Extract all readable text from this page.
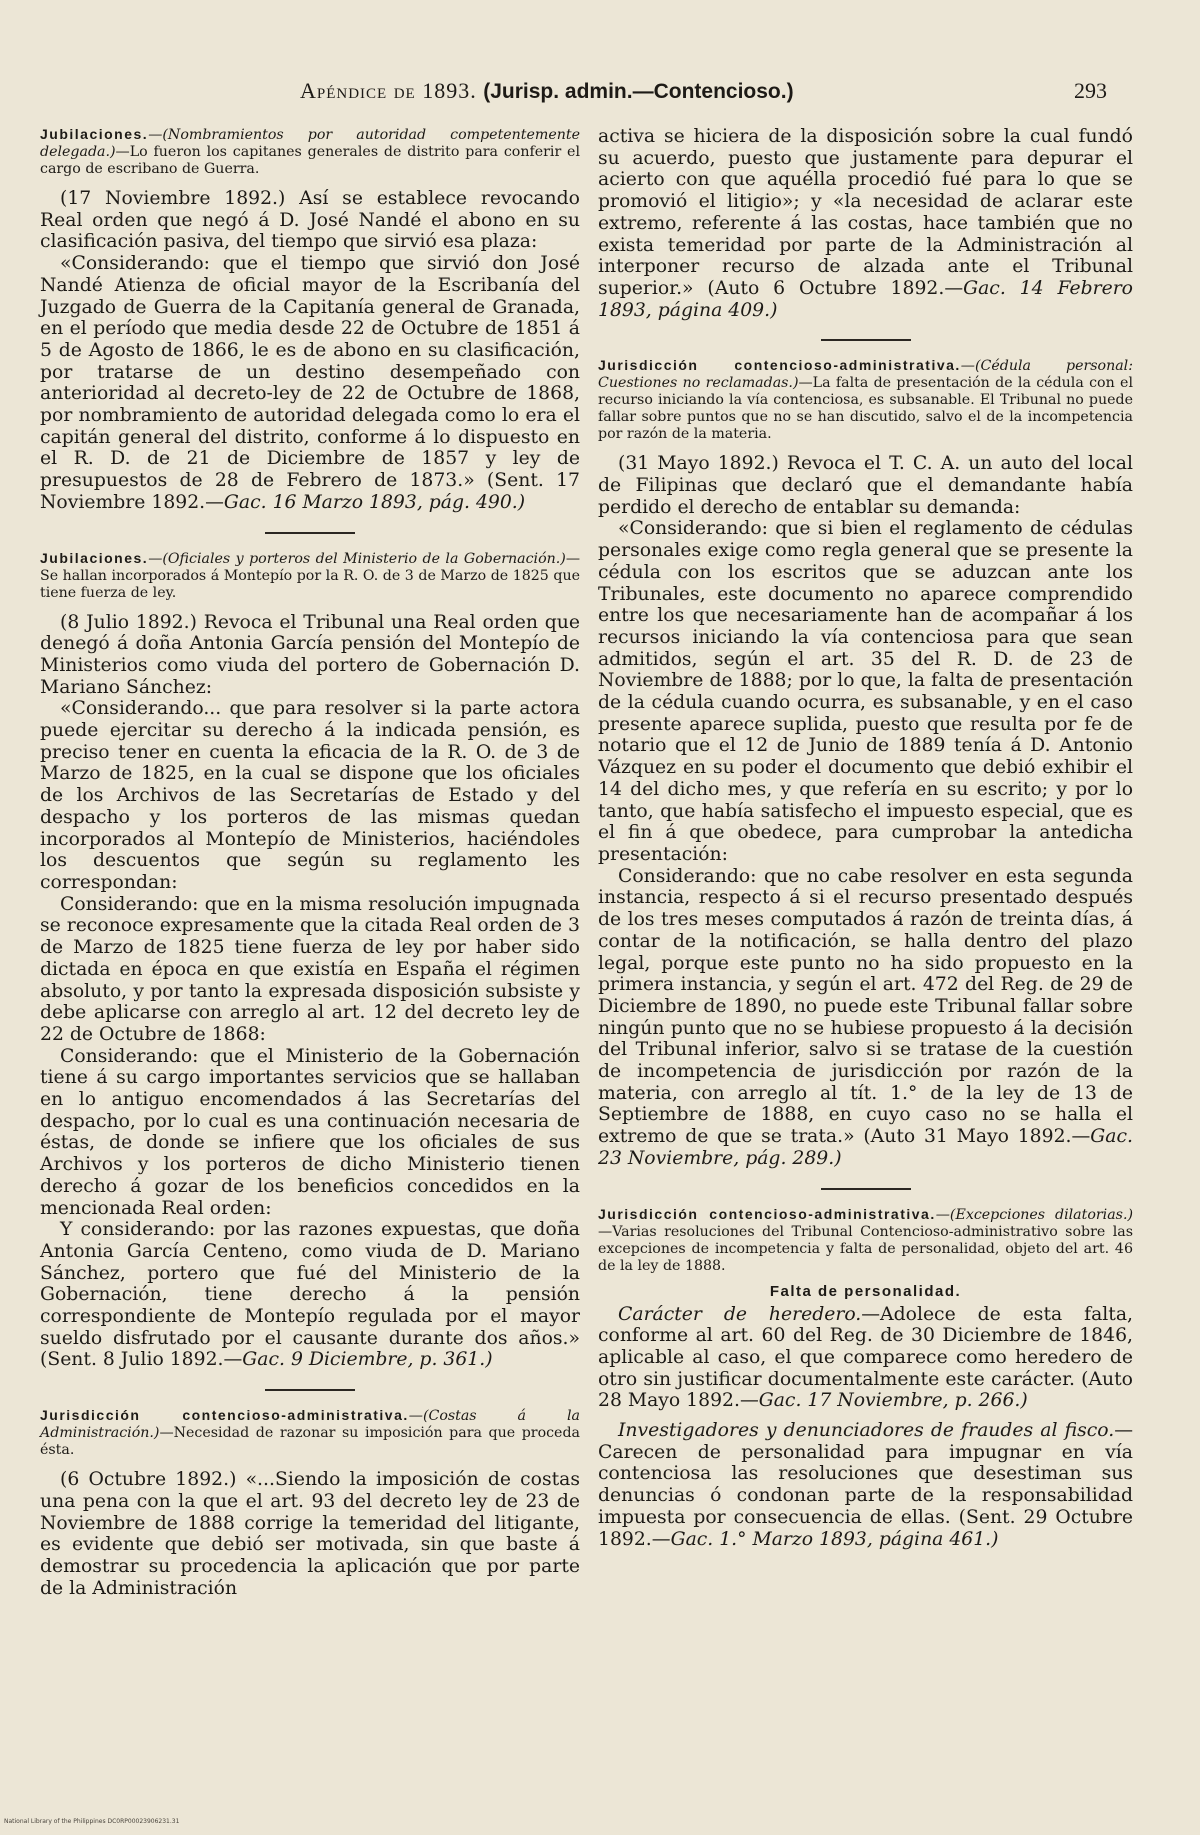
Apéndice de 1893. (Jurisp. admin.—Contencioso.)	293

Jubilaciones.—(Nombramientos por autoridad competentemente delegada.)—Lo fueron los capitanes generales de distrito para conferir el cargo de escribano de Guerra.

(17 Noviembre 1892.) Así se establece revocando Real orden que negó á D. José Nandé el abono en su clasificación pasiva, del tiempo que sirvió esa plaza:

«Considerando: que el tiempo que sirvió don José Nandé Atienza de oficial mayor de la Escribanía del Juzgado de Guerra de la Capitanía general de Granada, en el período que media desde 22 de Octubre de 1851 á 5 de Agosto de 1866, le es de abono en su clasificación, por tratarse de un destino desempeñado con anterioridad al decreto-ley de 22 de Octubre de 1868, por nombramiento de autoridad delegada como lo era el capitán general del distrito, conforme á lo dispuesto en el R. D. de 21 de Diciembre de 1857 y ley de presupuestos de 28 de Febrero de 1873.» (Sent. 17 Noviembre 1892.—Gac. 16 Marzo 1893, pág. 490.)

Jubilaciones.—(Oficiales y porteros del Ministerio de la Gobernación.)—Se hallan incorporados á Montepío por la R. O. de 3 de Marzo de 1825 que tiene fuerza de ley.

(8 Julio 1892.) Revoca el Tribunal una Real orden que denegó á doña Antonia García pensión del Montepío de Ministerios como viuda del portero de Gobernación D. Mariano Sánchez:

«Considerando... que para resolver si la parte actora puede ejercitar su derecho á la indicada pensión, es preciso tener en cuenta la eficacia de la R. O. de 3 de Marzo de 1825, en la cual se dispone que los oficiales de los Archivos de las Secretarías de Estado y del despacho y los porteros de las mismas quedan incorporados al Montepío de Ministerios, haciéndoles los descuentos que según su reglamento les correspondan:

Considerando: que en la misma resolución impugnada se reconoce expresamente que la citada Real orden de 3 de Marzo de 1825 tiene fuerza de ley por haber sido dictada en época en que existía en España el régimen absoluto, y por tanto la expresada disposición subsiste y debe aplicarse con arreglo al art. 12 del decreto ley de 22 de Octubre de 1868:

Considerando: que el Ministerio de la Gobernación tiene á su cargo importantes servicios que se hallaban en lo antiguo encomendados á las Secretarías del despacho, por lo cual es una continuación necesaria de éstas, de donde se infiere que los oficiales de sus Archivos y los porteros de dicho Ministerio tienen derecho á gozar de los beneficios concedidos en la mencionada Real orden:

Y considerando: por las razones expuestas, que doña Antonia García Centeno, como viuda de D. Mariano Sánchez, portero que fué del Ministerio de la Gobernación, tiene derecho á la pensión correspondiente de Montepío regulada por el mayor sueldo disfrutado por el causante durante dos años.» (Sent. 8 Julio 1892.—Gac. 9 Diciembre, p. 361.)

Jurisdicción contencioso-administrativa.—(Costas á la Administración.)—Necesidad de razonar su imposición para que proceda ésta.

(6 Octubre 1892.) «...Siendo la imposición de costas una pena con la que el art. 93 del decreto ley de 23 de Noviembre de 1888 corrige la temeridad del litigante, es evidente que debió ser motivada, sin que baste á demostrar su procedencia la aplicación que por parte de la Administración

activa se hiciera de la disposición sobre la cual fundó su acuerdo, puesto que justamente para depurar el acierto con que aquélla procedió fué para lo que se promovió el litigio»; y «la necesidad de aclarar este extremo, referente á las costas, hace también que no exista temeridad por parte de la Administración al interponer recurso de alzada ante el Tribunal superior.» (Auto 6 Octubre 1892.—Gac. 14 Febrero 1893, página 409.)

Jurisdicción contencioso-administrativa.—(Cédula personal: Cuestiones no reclamadas.)—La falta de presentación de la cédula con el recurso iniciando la vía contenciosa, es subsanable. El Tribunal no puede fallar sobre puntos que no se han discutido, salvo el de la incompetencia por razón de la materia.

(31 Mayo 1892.) Revoca el T. C. A. un auto del local de Filipinas que declaró que el demandante había perdido el derecho de entablar su demanda:

«Considerando: que si bien el reglamento de cédulas personales exige como regla general que se presente la cédula con los escritos que se aduzcan ante los Tribunales, este documento no aparece comprendido entre los que necesariamente han de acompañar á los recursos iniciando la vía contenciosa para que sean admitidos, según el art. 35 del R. D. de 23 de Noviembre de 1888; por lo que, la falta de presentación de la cédula cuando ocurra, es subsanable, y en el caso presente aparece suplida, puesto que resulta por fe de notario que el 12 de Junio de 1889 tenía á D. Antonio Vázquez en su poder el documento que debió exhibir el 14 del dicho mes, y que refería en su escrito; y por lo tanto, que había satisfecho el impuesto especial, que es el fin á que obedece, para cumprobar la antedicha presentación:

Considerando: que no cabe resolver en esta segunda instancia, respecto á si el recurso presentado después de los tres meses computados á razón de treinta días, á contar de la notificación, se halla dentro del plazo legal, porque este punto no ha sido propuesto en la primera instancia, y según el art. 472 del Reg. de 29 de Diciembre de 1890, no puede este Tribunal fallar sobre ningún punto que no se hubiese propuesto á la decisión del Tribunal inferior, salvo si se tratase de la cuestión de incompetencia de jurisdicción por razón de la materia, con arreglo al tít. 1.° de la ley de 13 de Septiembre de 1888, en cuyo caso no se halla el extremo de que se trata.» (Auto 31 Mayo 1892.—Gac. 23 Noviembre, pág. 289.)

Jurisdicción contencioso-administrativa.—(Excepciones dilatorias.)—Varias resoluciones del Tribunal Contencioso-administrativo sobre las excepciones de incompetencia y falta de personalidad, objeto del art. 46 de la ley de 1888.

Falta de personalidad.

Carácter de heredero.—Adolece de esta falta, conforme al art. 60 del Reg. de 30 Diciembre de 1846, aplicable al caso, el que comparece como heredero de otro sin justificar documentalmente este carácter. (Auto 28 Mayo 1892.—Gac. 17 Noviembre, p. 266.)

Investigadores y denunciadores de fraudes al fisco.—Carecen de personalidad para impugnar en vía contenciosa las resoluciones que desestiman sus denuncias ó condonan parte de la responsabilidad impuesta por consecuencia de ellas. (Sent. 29 Octubre 1892.—Gac. 1.° Marzo 1893, página 461.)

National Library of the Philippines DC0RP00023906231.31
